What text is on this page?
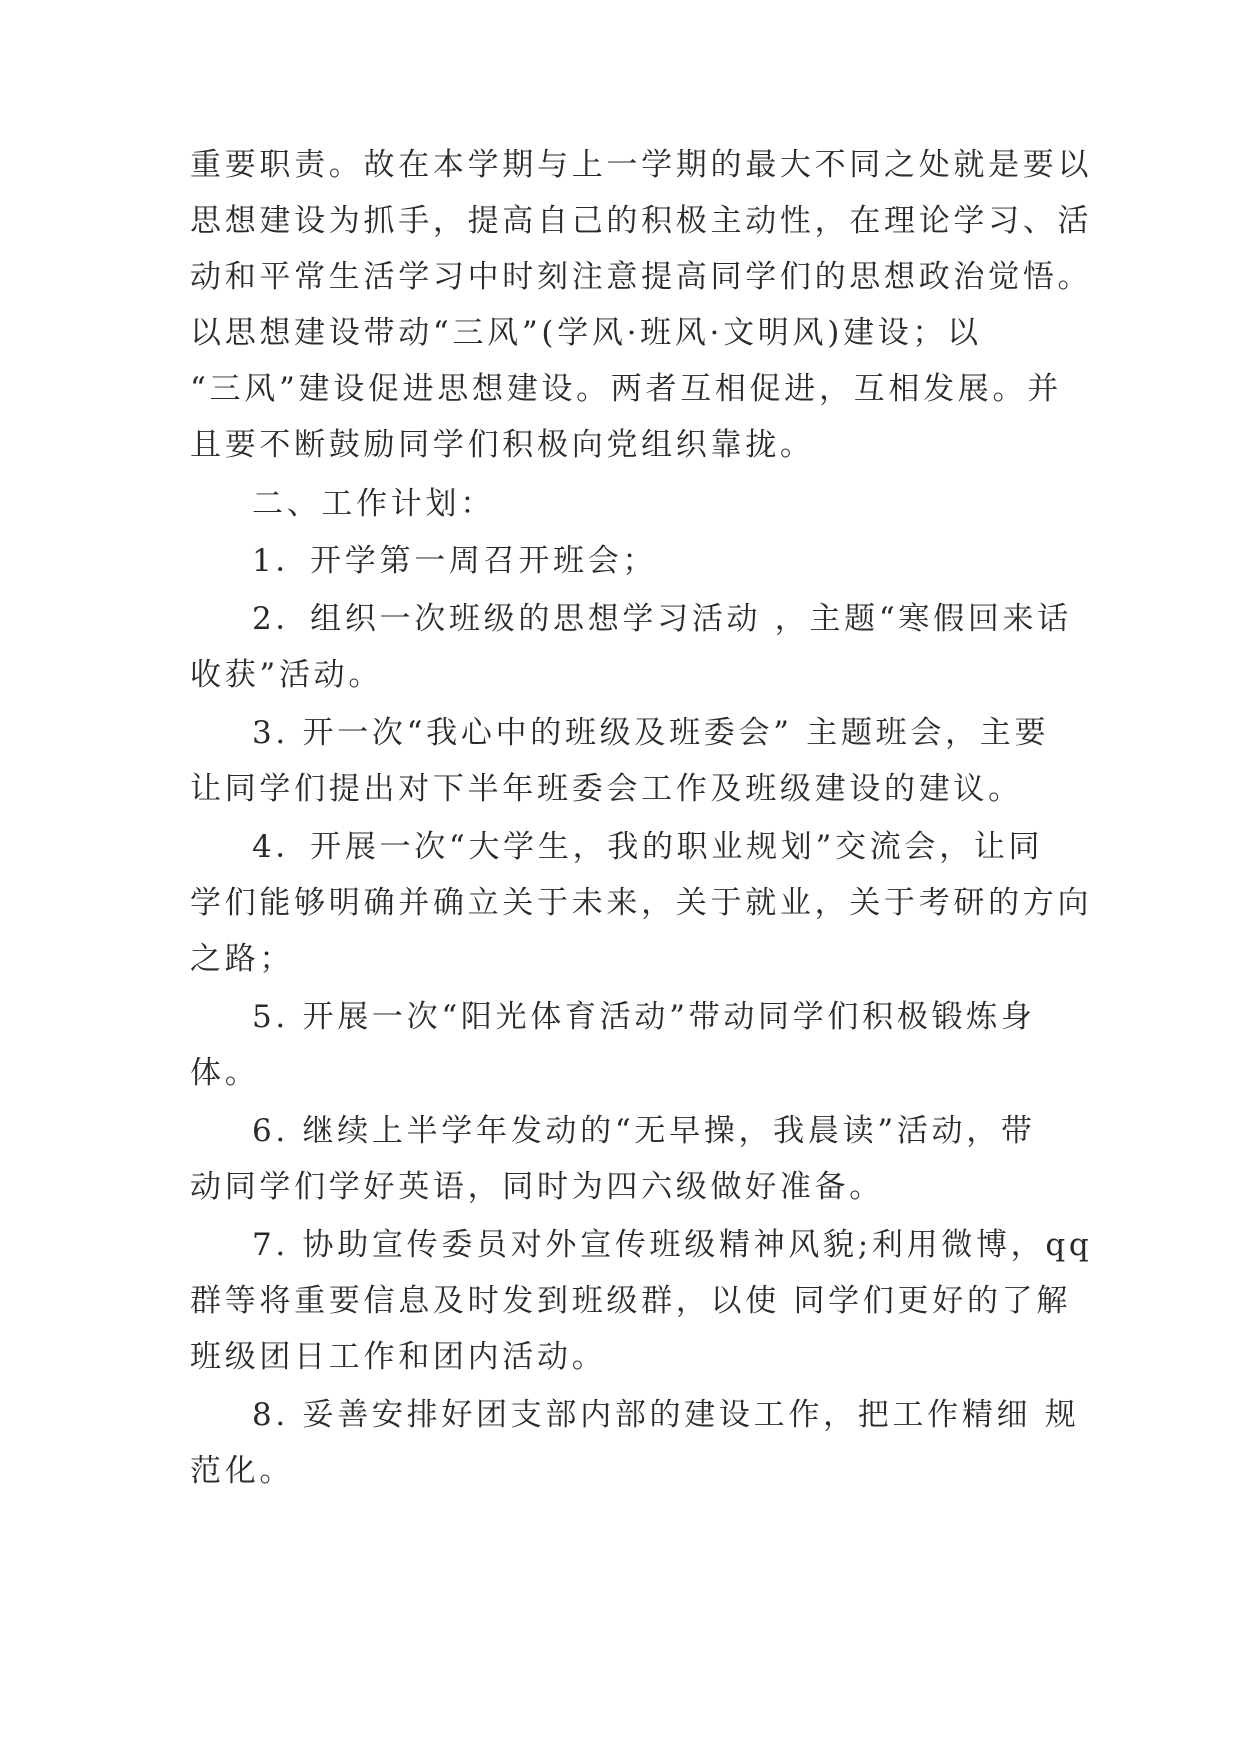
重要职责。故在本学期与上一学期的最大不同之处就是要以

思想建设为抓手，提高自己的积极主动性，在理论学习、活

动和平常生活学习中时刻注意提高同学们的思想政治觉悟。

以思想建设带动“三风”(学风·班风·文明风)建设；以

“三风”建设促进思想建设。两者互相促进，互相发展。并

且要不断鼓励同学们积极向党组织靠拢。

二、工作计划：

1．开学第一周召开班会；

2．组织一次班级的思想学习活动 ，主题“寒假回来话

收获”活动。

3. 开一次“我心中的班级及班委会” 主题班会，主要

让同学们提出对下半年班委会工作及班级建设的建议。

4．开展一次“大学生，我的职业规划”交流会，让同

学们能够明确并确立关于未来，关于就业，关于考研的方向

之路；

5. 开展一次“阳光体育活动”带动同学们积极锻炼身

体。

6. 继续上半学年发动的“无早操，我晨读”活动，带

动同学们学好英语，同时为四六级做好准备。

7. 协助宣传委员对外宣传班级精神风貌;利用微博，qq

群等将重要信息及时发到班级群，以使 同学们更好的了解

班级团日工作和团内活动。

8. 妥善安排好团支部内部的建设工作，把工作精细 规

范化。
